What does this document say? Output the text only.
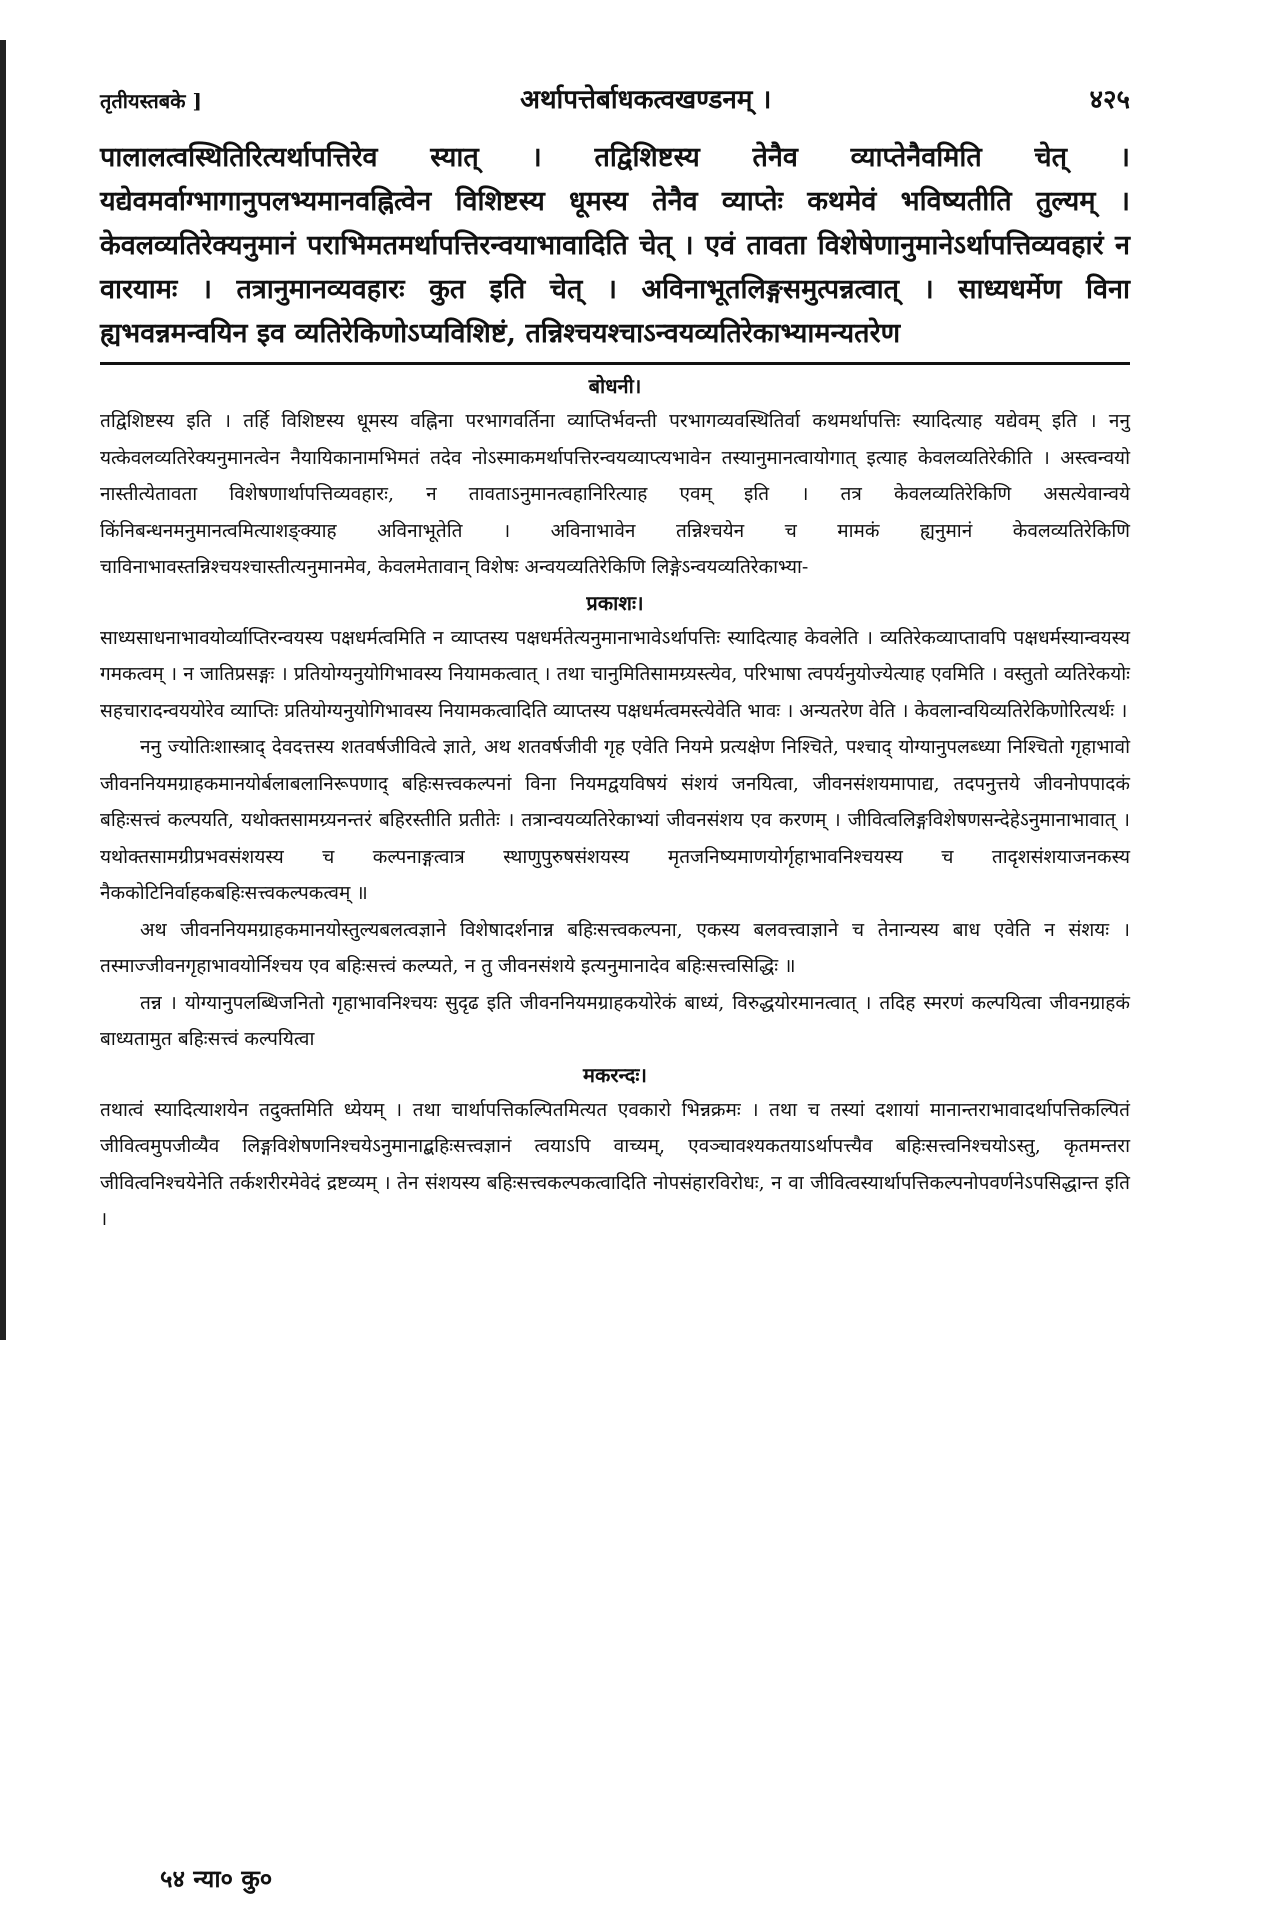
तृतीयस्तबके ]	अर्थापत्तेर्बाधकत्वखण्डनम् ।	४२५
पालालत्वस्थितिरित्यर्थापत्तिरेव स्यात् । तद्विशिष्टस्य तेनैव व्याप्तेनैवमिति चेत् । यद्येवमर्वाग्भागानुपलभ्यमानवह्नित्वेन विशिष्टस्य धूमस्य तेनैव व्याप्तेः कथमेवं भविष्यतीति तुल्यम् । केवलव्यतिरेक्यनुमानं पराभिमतमर्थापत्तिरन्वयाभावादिति चेत् । एवं तावता विशेषेणानुमानेऽर्थापत्तिव्यवहारं न वारयामः । तत्रानुमानव्यवहारः कुत इति चेत् । अविनाभूतलिङ्गसमुत्पन्नत्वात् । साध्यधर्मेण विना ह्यभवन्नमन्वयिन इव व्यतिरेकिणोऽप्यविशिष्टं, तन्निश्चयश्चाऽन्वयव्यतिरेकाभ्यामन्यतरेण
बोधनी।

तद्विशिष्टस्य इति । तर्हि विशिष्टस्य धूमस्य वह्निना परभागवर्तिना व्याप्तिर्भवन्ती परभागव्यवस्थितिर्वा कथमर्थापत्तिः स्यादित्याह यद्येवम् इति । ननु यत्केवलव्यतिरेक्यनुमानत्वेन नैयायिकानामभिमतं तदेव नोऽस्माकमर्थापत्तिरन्वयव्याप्त्यभावेन तस्यानुमानत्वायोगात् इत्याह केवलव्यतिरेकीति । अस्त्वन्वयो नास्तीत्येतावता विशेषणार्थापत्तिव्यवहारः, न तावताऽनुमानत्वहानिरित्याह एवम् इति । तत्र केवलव्यतिरेकिणि असत्येवान्वये किंनिबन्धनमनुमानत्वमित्याशङ्क्याह अविनाभूतेति । अविनाभावेन तन्निश्चयेन च मामकं ह्यनुमानं केवलव्यतिरेकिणि चाविनाभावस्तन्निश्चयश्चास्तीत्यनुमानमेव, केवलमेतावान् विशेषः अन्वयव्यतिरेकिणि लिङ्गेऽन्वयव्यतिरेकाभ्या-

प्रकाशः।

साध्यसाधनाभावयोर्व्याप्तिरन्वयस्य पक्षधर्मत्वमिति न व्याप्तस्य पक्षधर्मतेत्यनुमानाभावेऽर्थापत्तिः स्यादित्याह केवलेति । व्यतिरेकव्याप्तावपि पक्षधर्मस्यान्वयस्य गमकत्वम् । न जातिप्रसङ्गः । प्रतियोग्यनुयोगिभावस्य नियामकत्वात् । तथा चानुमितिसामग्र्यस्त्येव, परिभाषा त्वपर्यनुयोज्येत्याह एवमिति । वस्तुतो व्यतिरेकयोः सहचारादन्वययोरेव व्याप्तिः प्रतियोग्यनुयोगिभावस्य नियामकत्वादिति व्याप्तस्य पक्षधर्मत्वमस्त्येवेति भावः । अन्यतरेण वेति । केवलान्वयिव्यतिरेकिणोरित्यर्थः ।

ननु ज्योतिःशास्त्राद् देवदत्तस्य शतवर्षजीवित्वे ज्ञाते, अथ शतवर्षजीवी गृह एवेति नियमे प्रत्यक्षेण निश्चिते, पश्चाद् योग्यानुपलब्ध्या निश्चितो गृहाभावो जीवननियमग्राहकमानयोर्बलाबलानिरूपणाद् बहिःसत्त्वकल्पनां विना नियमद्वयविषयं संशयं जनयित्वा, जीवनसंशयमापाद्य, तदपनुत्तये जीवनोपपादकं बहिःसत्त्वं कल्पयति, यथोक्तसामग्र्यनन्तरं बहिरस्तीति प्रतीतेः । तत्रान्वयव्यतिरेकाभ्यां जीवनसंशय एव करणम् । जीवित्वलिङ्गविशेषणसन्देहेऽनुमानाभावात् । यथोक्तसामग्रीप्रभवसंशयस्य च कल्पनाङ्गत्वात्र स्थाणुपुरुषसंशयस्य मृतजनिष्यमाणयोर्गृहाभावनिश्चयस्य च तादृशसंशयाजनकस्य नैककोटिनिर्वाहकबहिःसत्त्वकल्पकत्वम् ॥

अथ जीवननियमग्राहकमानयोस्तुल्यबलत्वज्ञाने विशेषादर्शनान्न बहिःसत्त्वकल्पना, एकस्य बलवत्त्वाज्ञाने च तेनान्यस्य बाध एवेति न संशयः । तस्माज्जीवनगृहाभावयोर्निश्चय एव बहिःसत्त्वं कल्प्यते, न तु जीवनसंशये इत्यनुमानादेव बहिःसत्त्वसिद्धिः ॥

तन्न । योग्यानुपलब्धिजनितो गृहाभावनिश्चयः सुदृढ इति जीवननियमग्राहकयोरेकं बाध्यं, विरुद्धयोरमानत्वात् । तदिह स्मरणं कल्पयित्वा जीवनग्राहकं बाध्यतामुत बहिःसत्त्वं कल्पयित्वा

मकरन्दः।

तथात्वं स्यादित्याशयेन तदुक्तमिति ध्येयम् । तथा चार्थापत्तिकल्पितमित्यत एवकारो भिन्नक्रमः । तथा च तस्यां दशायां मानान्तराभावादर्थापत्तिकल्पितं जीवित्वमुपजीव्यैव लिङ्गविशेषणनिश्चयेऽनुमानाद्बहिःसत्त्वज्ञानं त्वयाऽपि वाच्यम्, एवञ्चावश्यकतयाऽर्थापत्त्यैव बहिःसत्त्वनिश्चयोऽस्तु, कृतमन्तरा जीवित्वनिश्चयेनेति तर्कशरीरमेवेदं द्रष्टव्यम् । तेन संशयस्य बहिःसत्त्वकल्पकत्वादिति नोपसंहारविरोधः, न वा जीवित्वस्यार्थापत्तिकल्पनोपवर्णनेऽपसिद्धान्त इति ।

५४ न्या० कु०
